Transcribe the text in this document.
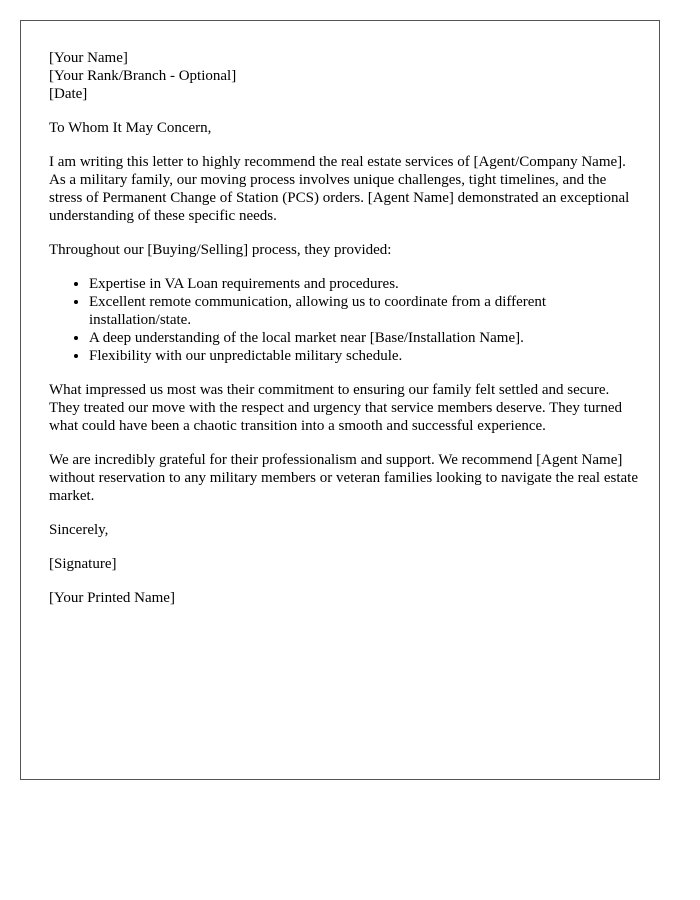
[Your Name]
[Your Rank/Branch - Optional]
[Date]

To Whom It May Concern,

I am writing this letter to highly recommend the real estate services of [Agent/Company Name]. As a military family, our moving process involves unique challenges, tight timelines, and the stress of Permanent Change of Station (PCS) orders. [Agent Name] demonstrated an exceptional understanding of these specific needs.

Throughout our [Buying/Selling] process, they provided:

• Expertise in VA Loan requirements and procedures.
• Excellent remote communication, allowing us to coordinate from a different installation/state.
• A deep understanding of the local market near [Base/Installation Name].
• Flexibility with our unpredictable military schedule.

What impressed us most was their commitment to ensuring our family felt settled and secure. They treated our move with the respect and urgency that service members deserve. They turned what could have been a chaotic transition into a smooth and successful experience.

We are incredibly grateful for their professionalism and support. We recommend [Agent Name] without reservation to any military members or veteran families looking to navigate the real estate market.

Sincerely,

[Signature]

[Your Printed Name]
